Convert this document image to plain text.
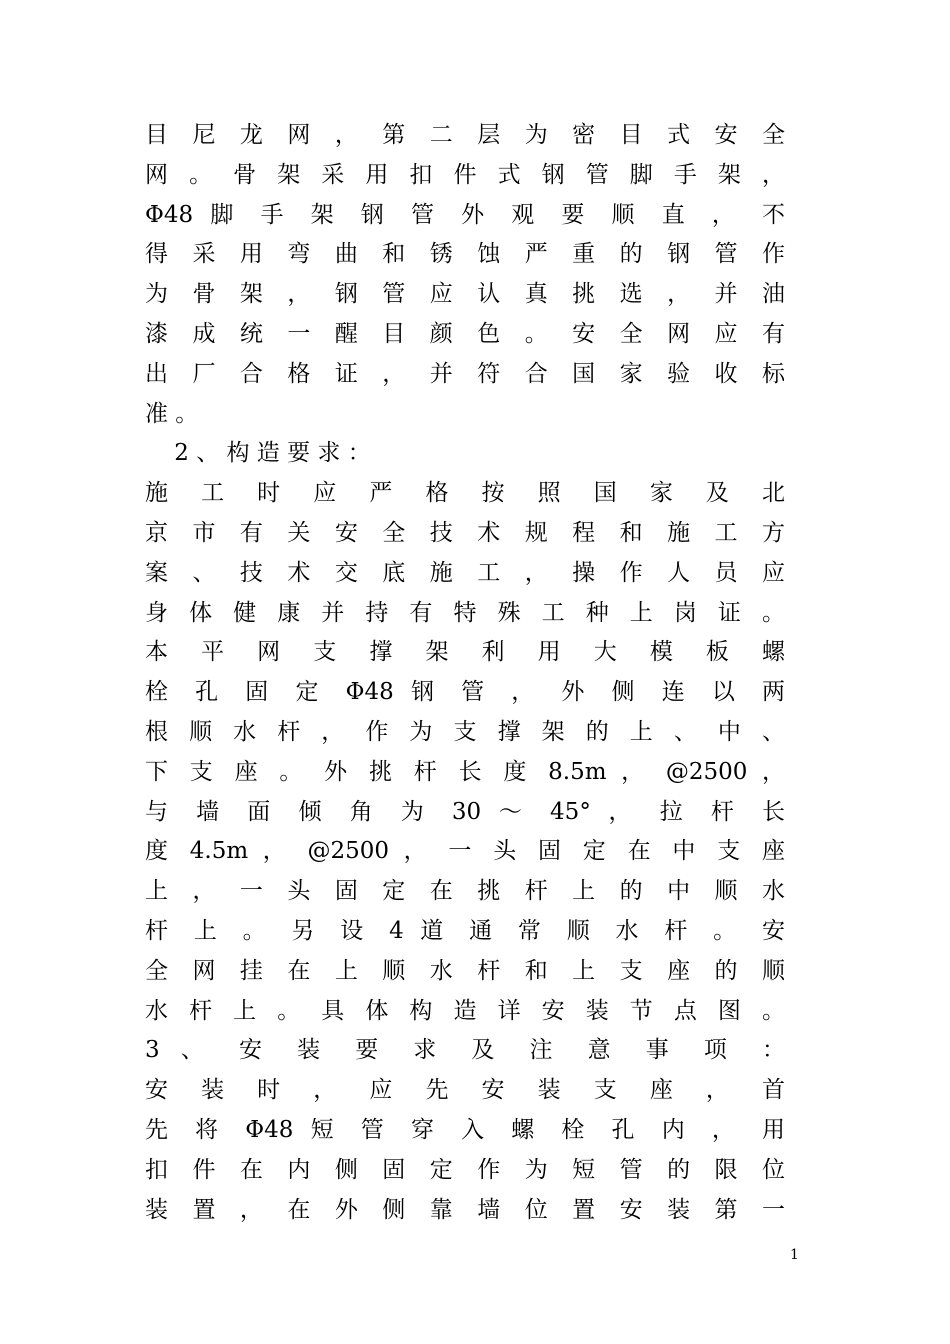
目 尼 龙 网 ， 第 二 层 为 密 目 式 安 全
网 。 骨 架 采 用 扣 件 式 钢 管 脚 手 架 ，
Φ48 脚 手 架 钢 管 外 观 要 顺 直 ， 不
得 采 用 弯 曲 和 锈 蚀 严 重 的 钢 管 作
为 骨 架 ， 钢 管 应 认 真 挑 选 ， 并 油
漆 成 统 一 醒 目 颜 色 。 安 全 网 应 有
出 厂 合 格 证 ， 并 符 合 国 家 验 收 标
准 。
2 、 构 造 要 求 ：
施 工 时 应 严 格 按 照 国 家 及 北
京 市 有 关 安 全 技 术 规 程 和 施 工 方
案 、 技 术 交 底 施 工 ， 操 作 人 员 应
身 体 健 康 并 持 有 特 殊 工 种 上 岗 证 。
本 平 网 支 撑 架 利 用 大 模 板 螺
栓 孔 固 定 Φ48 钢 管 ， 外 侧 连 以 两
根 顺 水 杆 ， 作 为 支 撑 架 的 上 、 中 、
下 支 座 。 外 挑 杆 长 度 8.5m ， @2500 ，
与 墙 面 倾 角 为 30 ～ 45° ， 拉 杆 长
度 4.5m ， @2500 ， 一 头 固 定 在 中 支 座
上 ， 一 头 固 定 在 挑 杆 上 的 中 顺 水
杆 上 。 另 设 4 道 通 常 顺 水 杆 。 安
全 网 挂 在 上 顺 水 杆 和 上 支 座 的 顺
水 杆 上 。 具 体 构 造 详 安 装 节 点 图 。
3 、 安 装 要 求 及 注 意 事 项 ：
安 装 时 ， 应 先 安 装 支 座 ， 首
先 将 Φ48 短 管 穿 入 螺 栓 孔 内 ， 用
扣 件 在 内 侧 固 定 作 为 短 管 的 限 位
装 置 ， 在 外 侧 靠 墙 位 置 安 装 第 一
1
